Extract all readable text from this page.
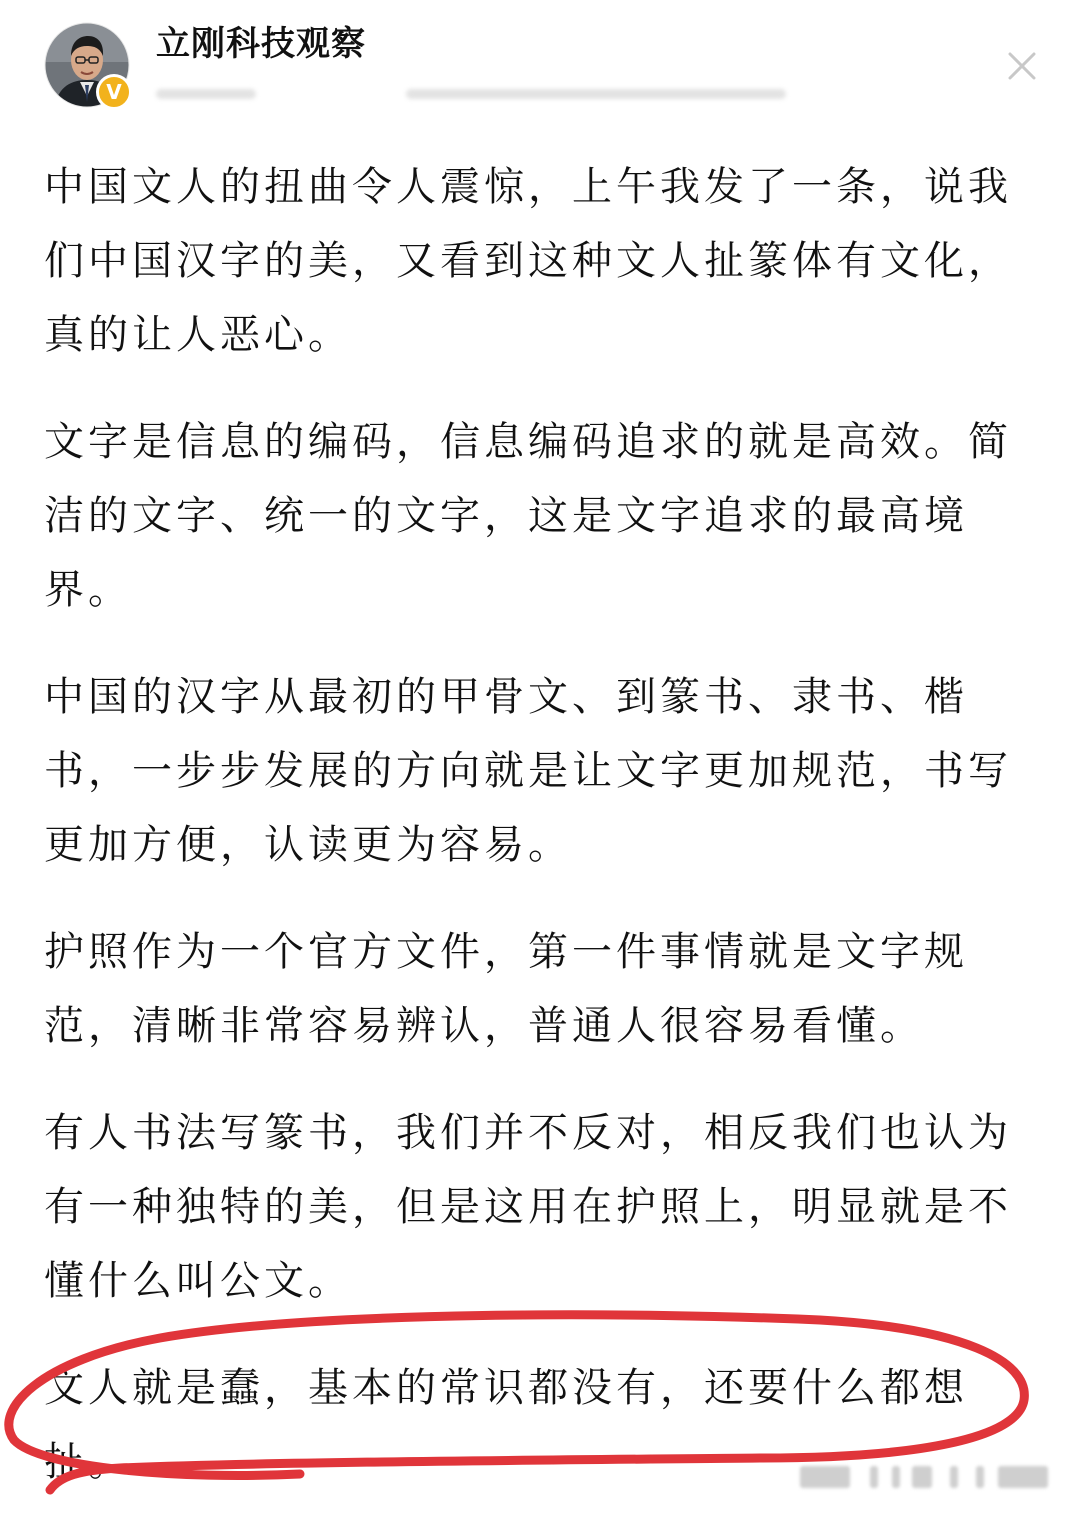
V
立刚科技观察

中国文人的扭曲令人震惊，上午我发了一条，说我们中国汉字的美，又看到这种文人扯篆体有文化，真的让人恶心。

文字是信息的编码，信息编码追求的就是高效。简洁的文字、统一的文字，这是文字追求的最高境界。

中国的汉字从最初的甲骨文、到篆书、隶书、楷书，一步步发展的方向就是让文字更加规范，书写更加方便，认读更为容易。

护照作为一个官方文件，第一件事情就是文字规范，清晰非常容易辨认，普通人很容易看懂。

有人书法写篆书，我们并不反对，相反我们也认为有一种独特的美，但是这用在护照上，明显就是不懂什么叫公文。

文人就是蠢，基本的常识都没有，还要什么都想扯。
